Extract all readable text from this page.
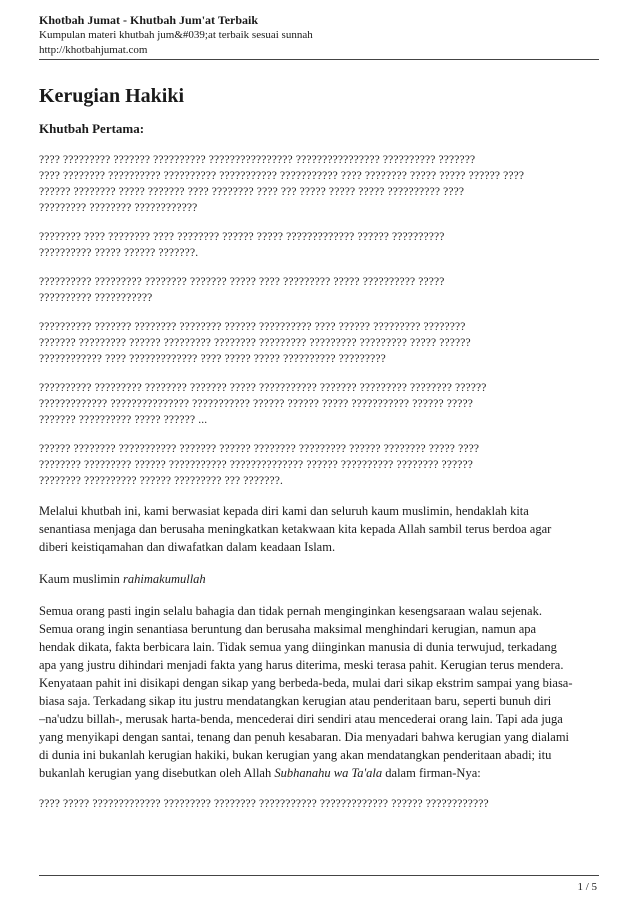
Khotbah Jumat - Khutbah Jum'at Terbaik
Kumpulan materi khutbah jum&#039;at terbaik sesuai sunnah
http://khotbahjumat.com
Kerugian Hakiki
Khutbah Pertama:
???? ????????? ??????? ?????????? ???????????????? ???????????????? ?????????? ???????
???? ???????? ?????????? ?????????? ??????????? ??????????? ???? ???????? ????? ????? ?????? ????
?????? ???????? ????? ??????? ???? ???????? ???? ??? ????? ????? ????? ?????????? ????
????????? ???????? ????????????
???????? ???? ???????? ???? ???????? ?????? ????? ????????????? ?????? ??????????
?????????? ????? ?????? ???????.
?????????? ????????? ???????? ??????? ????? ???? ????????? ????? ?????????? ?????
?????????? ???????????
?????????? ??????? ???????? ???????? ?????? ?????????? ???? ?????? ????????? ????????
??????? ????????? ?????? ????????? ???????? ????????? ????????? ????????? ????? ??????
???????????? ???? ????????????? ???? ????? ????? ?????????? ?????????
?????????? ????????? ???????? ??????? ????? ??????????? ??????? ????????? ???????? ??????
????????????? ??????????????? ??????????? ?????? ?????? ????? ??????????? ?????? ?????
??????? ?????????? ????? ?????? ...
?????? ???????? ??????????? ??????? ?????? ???????? ????????? ?????? ???????? ????? ????
???????? ????????? ?????? ??????????? ?????????????? ?????? ?????????? ???????? ??????
???????? ?????????? ?????? ????????? ??? ???????.
Melalui khutbah ini, kami berwasiat kepada diri kami dan seluruh kaum muslimin, hendaklah kita
senantiasa menjaga dan berusaha meningkatkan ketakwaan kita kepada Allah sambil terus berdoa agar
diberi keistiqamahan dan diwafatkan dalam keadaan Islam.
Kaum muslimin rahimakumullah
Semua orang pasti ingin selalu bahagia dan tidak pernah menginginkan kesengsaraan walau sejenak.
Semua orang ingin senantiasa beruntung dan berusaha maksimal menghindari kerugian, namun apa
hendak dikata, fakta berbicara lain. Tidak semua yang diinginkan manusia di dunia terwujud, terkadang
apa yang justru dihindari menjadi fakta yang harus diterima, meski terasa pahit. Kerugian terus mendera.
Kenyataan pahit ini disikapi dengan sikap yang berbeda-beda, mulai dari sikap ekstrim sampai yang biasa-
biasa saja. Terkadang sikap itu justru mendatangkan kerugian atau penderitaan baru, seperti bunuh diri
–na'udzu billah-, merusak harta-benda, mencederai diri sendiri atau mencederai orang lain. Tapi ada juga
yang menyikapi dengan santai, tenang dan penuh kesabaran. Dia menyadari bahwa kerugian yang dialami
di dunia ini bukanlah kerugian hakiki, bukan kerugian yang akan mendatangkan penderitaan abadi; itu
bukanlah kerugian yang disebutkan oleh Allah Subhanahu wa Ta'ala dalam firman-Nya:
???? ????? ????????????? ????????? ???????? ??????????? ????????????? ?????? ????????????
1 / 5
